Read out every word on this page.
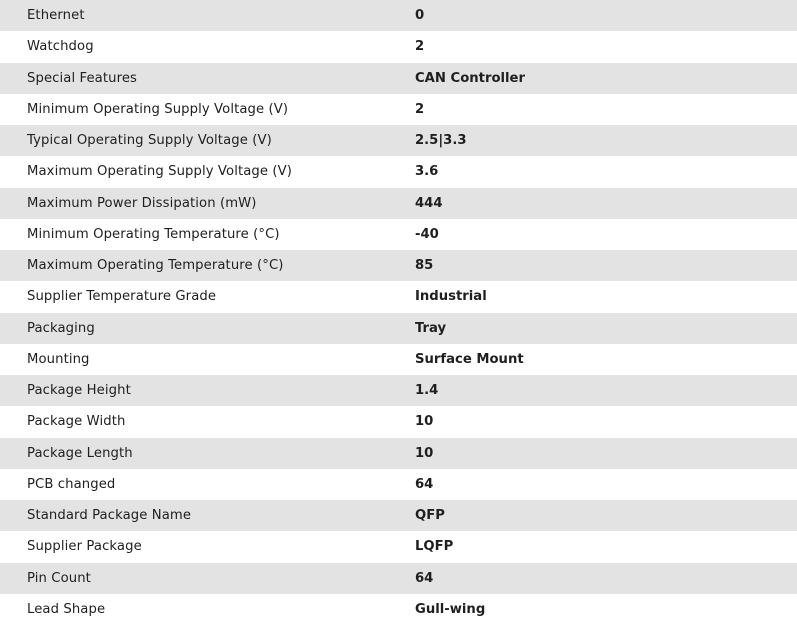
Ethernet	0
Watchdog	2
Special Features	CAN Controller
Minimum Operating Supply Voltage (V)	2
Typical Operating Supply Voltage (V)	2.5|3.3
Maximum Operating Supply Voltage (V)	3.6
Maximum Power Dissipation (mW)	444
Minimum Operating Temperature (°C)	-40
Maximum Operating Temperature (°C)	85
Supplier Temperature Grade	Industrial
Packaging	Tray
Mounting	Surface Mount
Package Height	1.4
Package Width	10
Package Length	10
PCB changed	64
Standard Package Name	QFP
Supplier Package	LQFP
Pin Count	64
Lead Shape	Gull-wing
